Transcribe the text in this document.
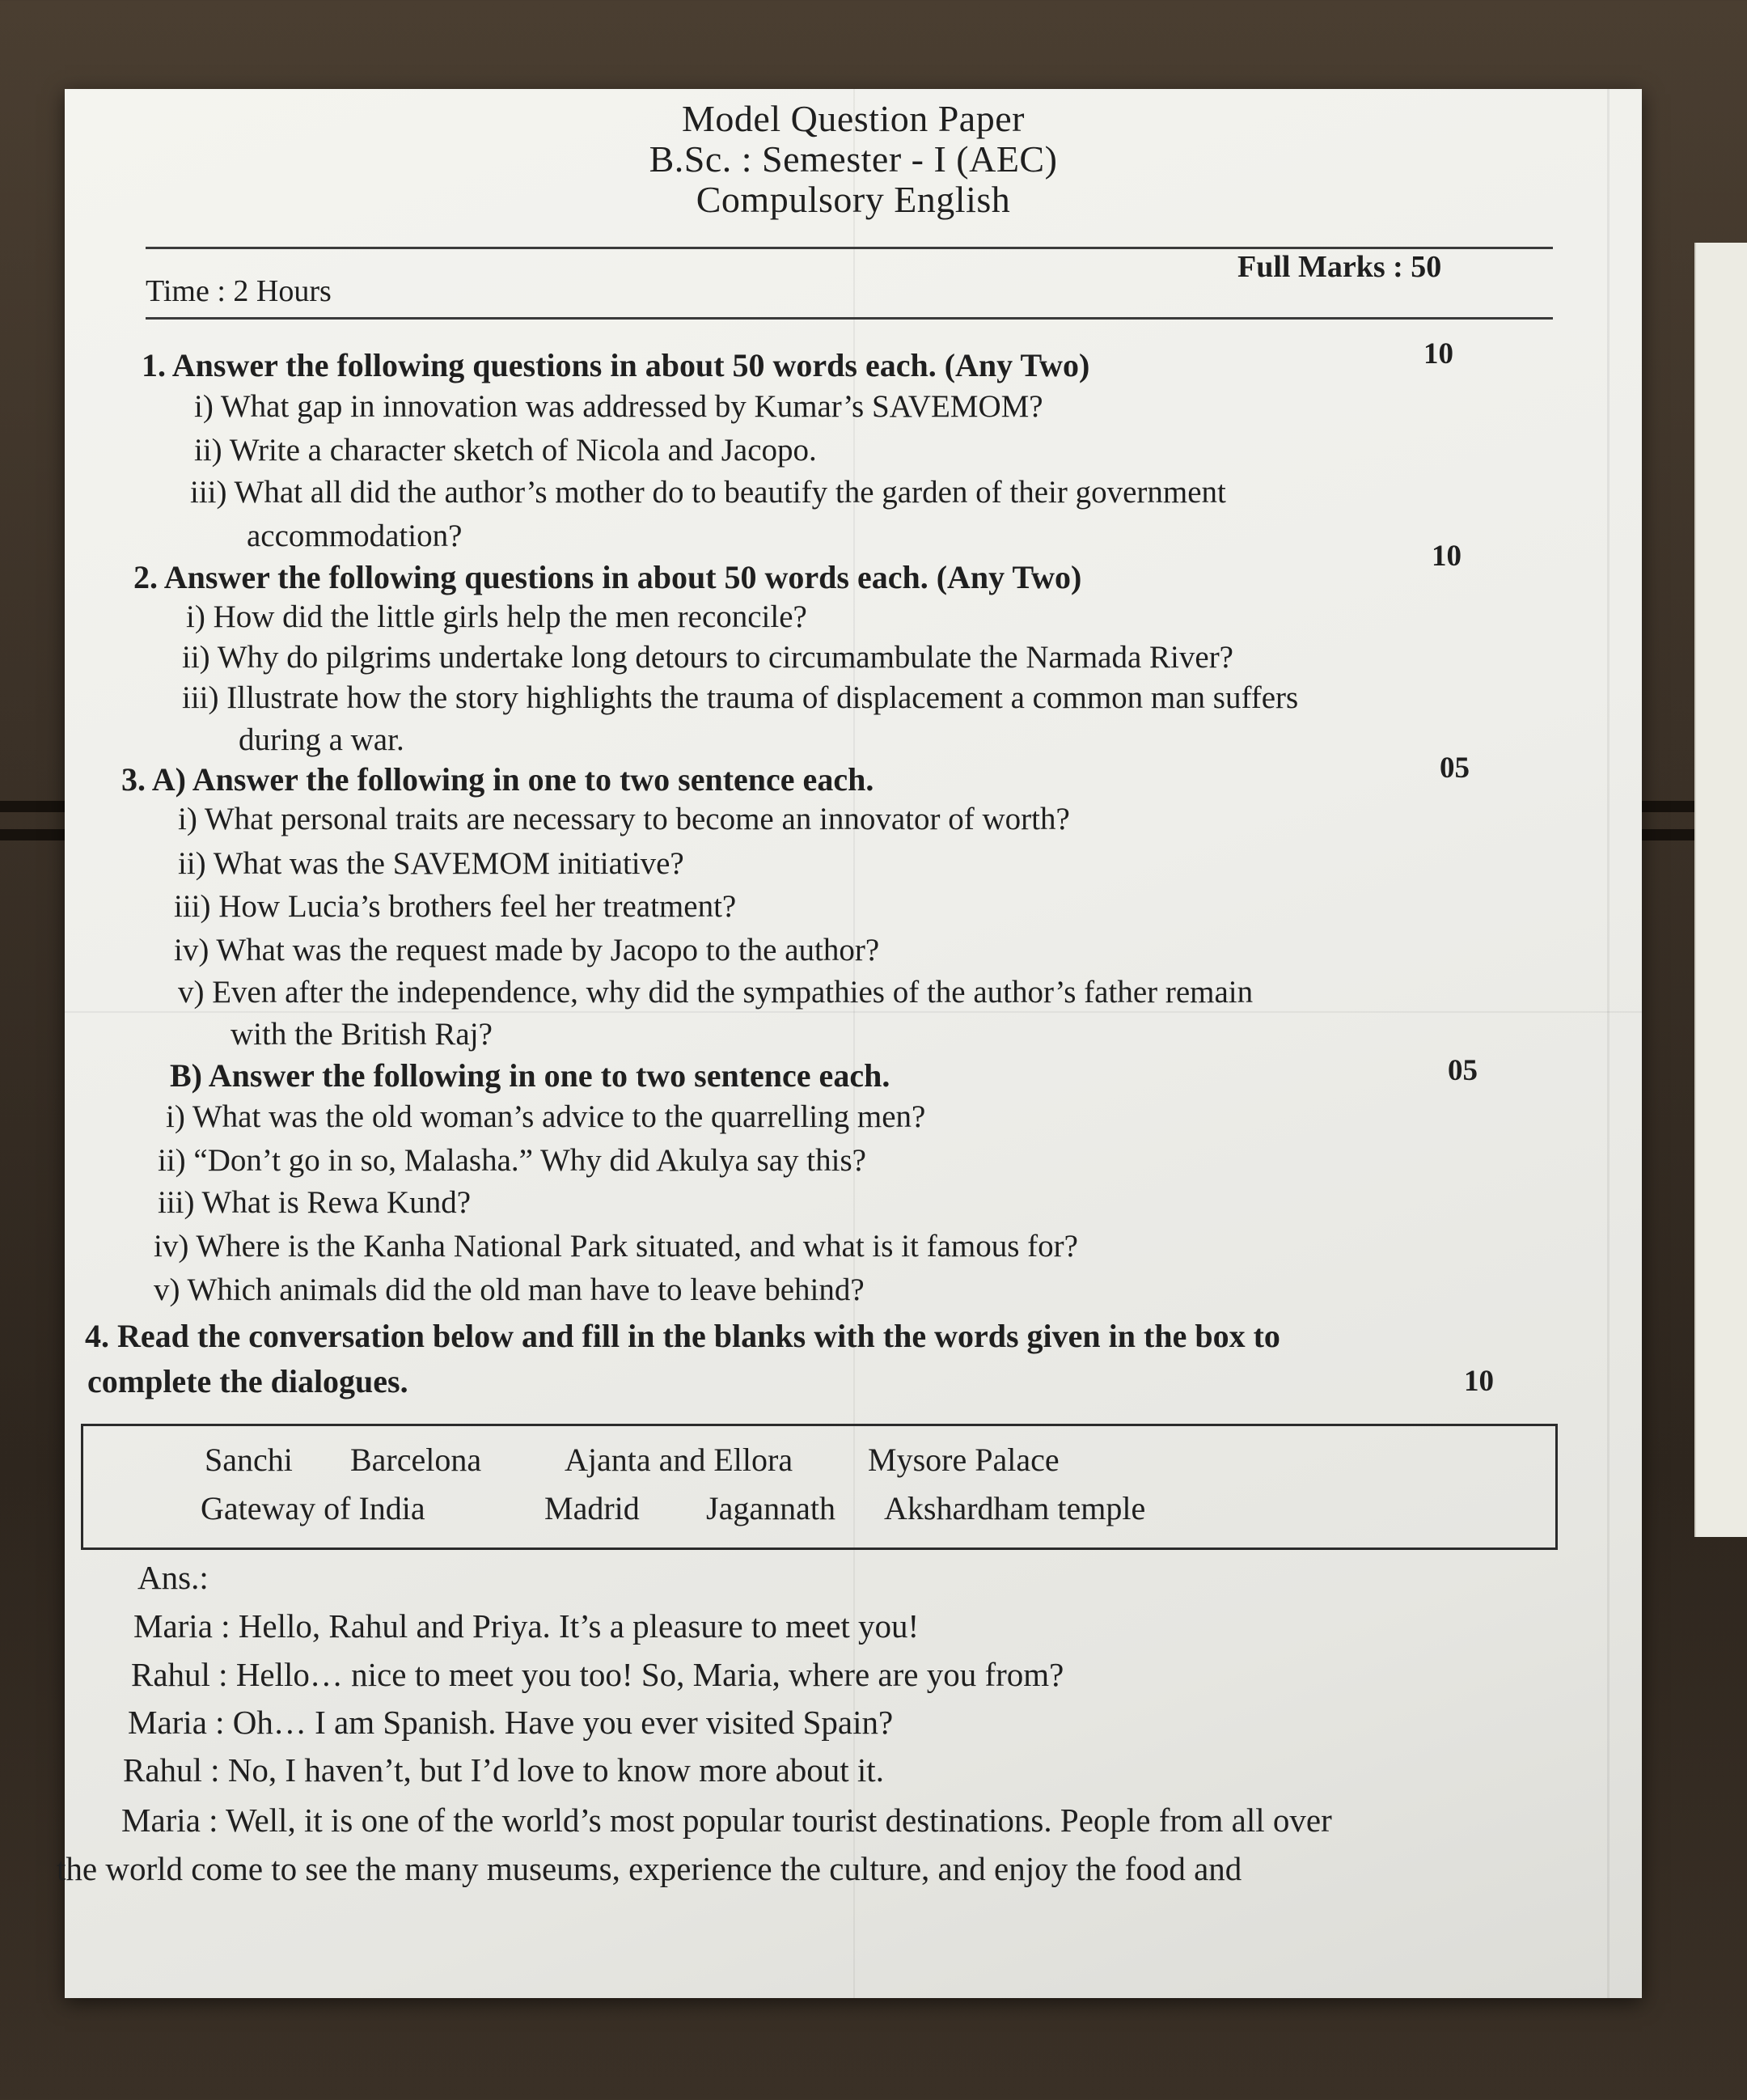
Model Question Paper
B.Sc. : Semester - I (AEC)
Compulsory English
Time : 2 Hours
Full Marks : 50
1. Answer the following questions in about 50 words each. (Any Two)	10
i) What gap in innovation was addressed by Kumar’s SAVEMOM?
ii) Write a character sketch of Nicola and Jacopo.
iii) What all did the author’s mother do to beautify the garden of their government
accommodation?
2. Answer the following questions in about 50 words each. (Any Two)
10
i) How did the little girls help the men reconcile?
ii) Why do pilgrims undertake long detours to circumambulate the Narmada River?
iii) Illustrate how the story highlights the trauma of displacement a common man suffers
during a war.
3. A) Answer the following in one to two sentence each.	05
i) What personal traits are necessary to become an innovator of worth?
ii) What was the SAVEMOM initiative?
iii) How Lucia’s brothers feel her treatment?
iv) What was the request made by Jacopo to the author?
v) Even after the independence, why did the sympathies of the author’s father remain
with the British Raj?
B) Answer the following in one to two sentence each.	05
i) What was the old woman’s advice to the quarrelling men?
ii) “Don’t go in so, Malasha.” Why did Akulya say this?
iii) What is Rewa Kund?
iv) Where is the Kanha National Park situated, and what is it famous for?
v) Which animals did the old man have to leave behind?
4. Read the conversation below and fill in the blanks with the words given in the box to
complete the dialogues.	10
Sanchi Barcelona	Ajanta and Ellora Mysore Palace
Gateway of India	Madrid Jagannath Akshardham temple
Ans.:
Maria : Hello, Rahul and Priya. It’s a pleasure to meet you!
Rahul : Hello… nice to meet you too! So, Maria, where are you from?
Maria : Oh… I am Spanish. Have you ever visited Spain?
Rahul : No, I haven’t, but I’d love to know more about it.
Maria : Well, it is one of the world’s most popular tourist destinations. People from all over
the world come to see the many museums, experience the culture, and enjoy the food and
